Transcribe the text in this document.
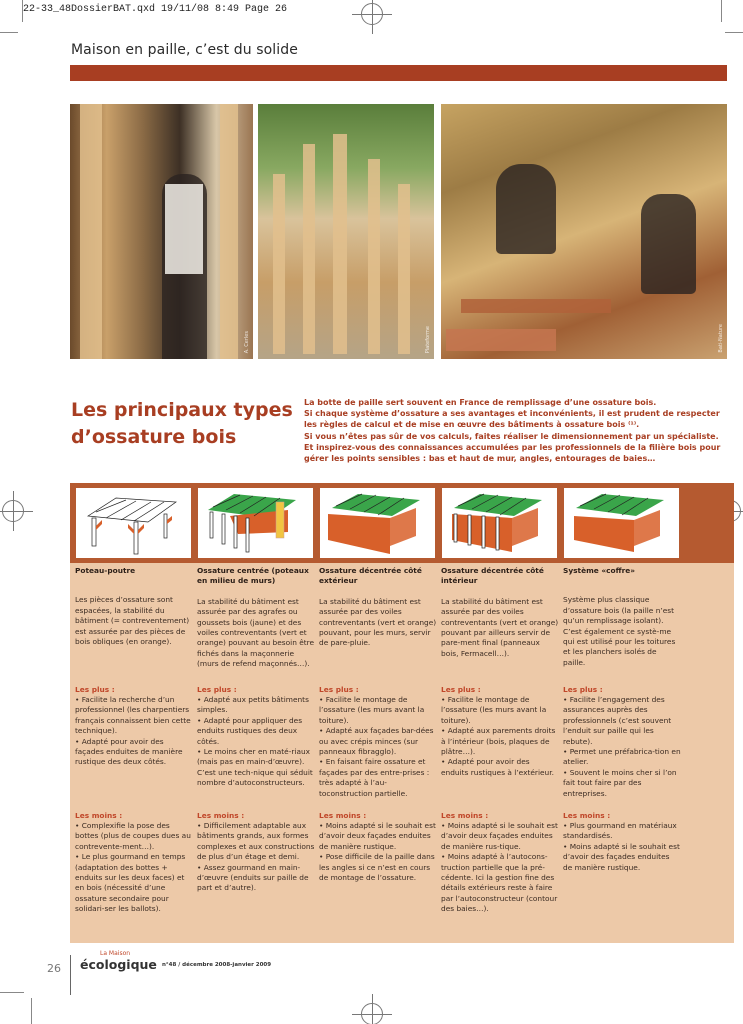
22-33_48DossierBAT.qxd 19/11/08 8:49 Page 26
Maison en paille, c’est du solide
A. Cerles	Plateforme	Bati-Nature
Les principaux types
d’ossature bois

La botte de paille sert souvent en France de remplissage d’une ossature bois.

Si chaque système d’ossature a ses avantages et inconvénients, il est prudent de respecter

les règles de calcul et de mise en œuvre des bâtiments à ossature bois ⁽¹⁾.

Si vous n’êtes pas sûr de vos calculs, faites réaliser le dimensionnement par un spécialiste.

Et inspirez-vous des connaissances accumulées par les professionnels de la filière bois pour

gérer les points sensibles : bas et haut de mur, angles, entourages de baies…

Poteau-poutre
Les pièces d’ossature sont espacées, la stabilité du bâtiment (= contreventement) est assurée par des pièces de bois obliques (en orange).
Les plus :
• Facilite la recherche d’un professionnel (les charpentiers français connaissent bien cette technique).
• Adapté pour avoir des façades enduites de manière rustique des deux côtés.
Les moins :
• Complexifie la pose des bottes (plus de coupes dues au contrevente-ment…).
• Le plus gourmand en temps (adaptation des bottes + enduits sur les deux faces) et en bois (nécessité d’une ossature secondaire pour solidari-ser les ballots).
Ossature centrée (poteaux en milieu de murs)
La stabilité du bâtiment est assurée par des agrafes ou goussets bois (jaune) et des voiles contreventants (vert et orange) pouvant au besoin être fichés dans la maçonnerie (murs de refend maçonnés…).
Les plus :
• Adapté aux petits bâtiments simples.
• Adapté pour appliquer des enduits rustiques des deux côtés.
• Le moins cher en maté-riaux (mais pas en main-d’œuvre). C’est une tech-nique qui séduit nombre d’autoconstructeurs.
Les moins :
• Difficilement adaptable aux bâtiments grands, aux formes complexes et aux constructions de plus d’un étage et demi.
• Assez gourmand en main-d’œuvre (enduits sur paille de part et d’autre).
Ossature décentrée côté extérieur
La stabilité du bâtiment est assurée par des voiles contreventants (vert et orange) pouvant, pour les murs, servir de pare-pluie.
Les plus :
• Facilite le montage de l’ossature (les murs avant la toiture).
• Adapté aux façades bar-dées ou avec crépis minces (sur panneaux fibragglo).
• En faisant faire ossature et façades par des entre-prises : très adapté à l’au-toconstruction partielle.
Les moins :
• Moins adapté si le souhait est d’avoir deux façades enduites de manière rustique.
• Pose difficile de la paille dans les angles si ce n’est en cours de montage de l’ossature.
Ossature décentrée côté intérieur
La stabilité du bâtiment est assurée par des voiles contreventants (vert et orange) pouvant par ailleurs servir de pare-ment final (panneaux bois, Fermacell…).
Les plus :
• Facilite le montage de l’ossature (les murs avant la toiture).
• Adapté aux parements droits à l’intérieur (bois, plaques de plâtre…).
• Adapté pour avoir des enduits rustiques à l’extérieur.
Les moins :
• Moins adapté si le souhait est d’avoir deux façades enduites de manière rus-tique.
• Moins adapté à l’autocons-truction partielle que la pré-cédente. Ici la gestion fine des détails extérieurs reste à faire par l’autoconstructeur (contour des baies…).
Système «coffre»
Système plus classique d’ossature bois (la paille n’est qu’un remplissage isolant). C’est également ce systè-me qui est utilisé pour les toitures et les planchers isolés de paille.
Les plus :
• Facilite l’engagement des assurances auprès des professionnels (c’est souvent l’enduit sur paille qui les rebute).
• Permet une préfabrica-tion en atelier.
• Souvent le moins cher si l’on fait tout faire par des entreprises.
Les moins :
• Plus gourmand en matériaux standardisés.
• Moins adapté si le souhait est d’avoir des façades enduites de manière rustique.
26
La Maison
écologique n°48 / décembre 2008-janvier 2009
